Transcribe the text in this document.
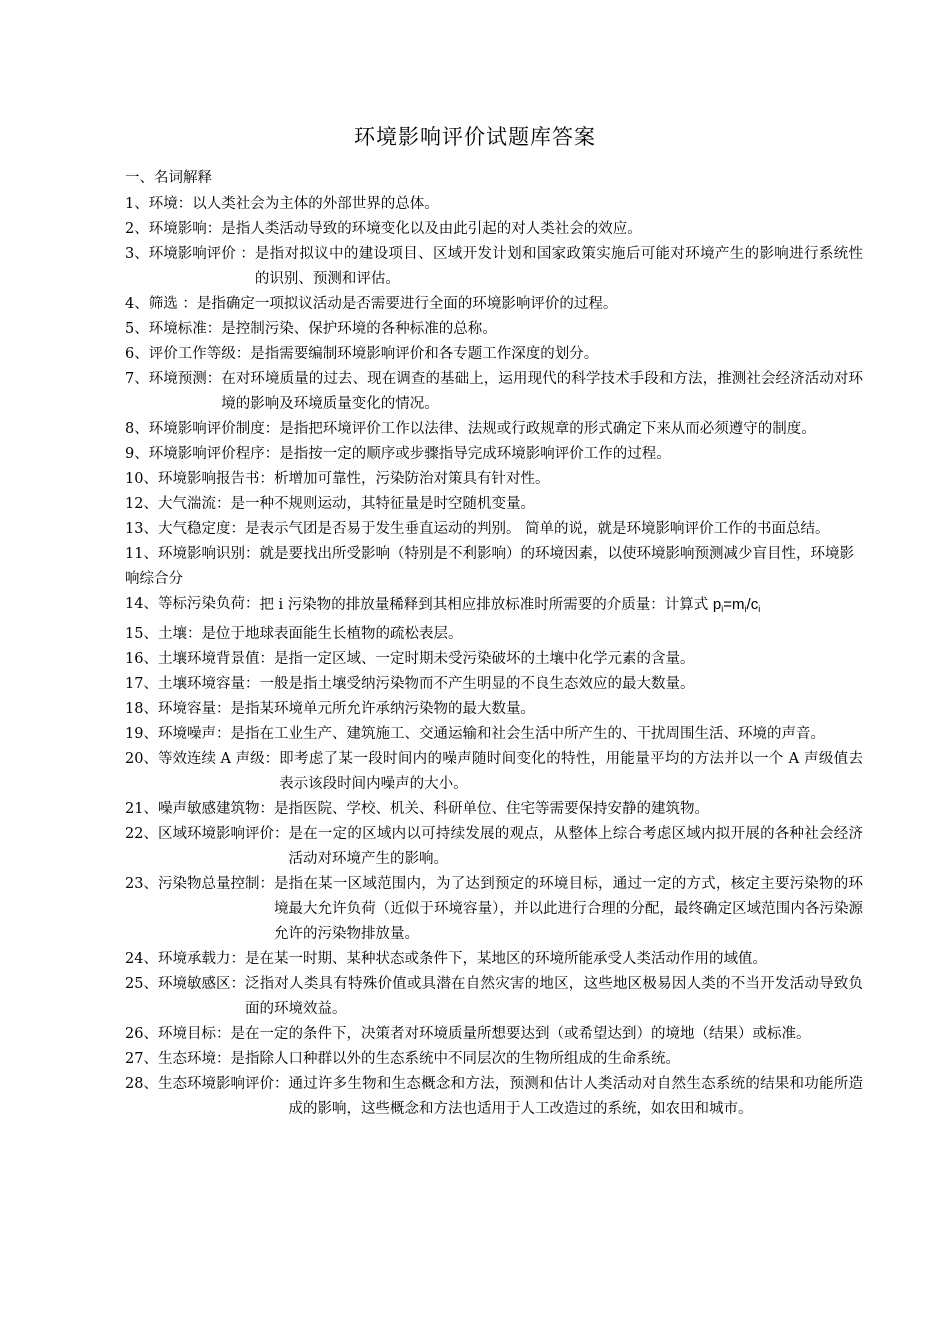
环境影响评价试题库答案
一、名词解释
1、环境： 以人类社会为主体的外部世界的总体。
2、环境影响： 是指人类活动导致的环境变化以及由此引起的对人类社会的效应。
3、环境影响评价 ： 是指对拟议中的建设项目、区域开发计划和国家政策实施后可能对环境产生的影响进行系统性的识别、预测和评估。
4、筛选 ： 是指确定一项拟议活动是否需要进行全面的环境影响评价的过程。
5、环境标准： 是控制污染、保护环境的各种标准的总称。
6、评价工作等级： 是指需要编制环境影响评价和各专题工作深度的划分。
7、环境预测： 在对环境质量的过去、现在调查的基础上，运用现代的科学技术手段和方法，推测社会经济活动对环境的影响及环境质量变化的情况。
8、环境影响评价制度： 是指把环境评价工作以法律、法规或行政规章的形式确定下来从而必须遵守的制度。
9、环境影响评价程序： 是指按一定的顺序或步骤指导完成环境影响评价工作的过程。
10、环境影响报告书： 析增加可靠性，污染防治对策具有针对性。
12、大气湍流： 是一种不规则运动，其特征量是时空随机变量。
13、大气稳定度：是表示气团是否易于发生垂直运动的判别。 简单的说，就是环境影响评价工作的书面总结。
11、环境影响识别：就是要找出所受影响（特别是不利影响）的环境因素，以使环境影响预测减少盲目性，环境影响综合分
14、等标污染负荷： 把 i 污染物的排放量稀释到其相应排放标准时所需要的介质量：计算式 $p_i=m_i/c_i$
15、土壤： 是位于地球表面能生长植物的疏松表层。
16、土壤环境背景值： 是指一定区域、一定时期未受污染破坏的土壤中化学元素的含量。
17、土壤环境容量： 一般是指土壤受纳污染物而不产生明显的不良生态效应的最大数量。
18、环境容量： 是指某环境单元所允许承纳污染物的最大数量。
19、环境噪声： 是指在工业生产、建筑施工、交通运输和社会生活中所产生的、干扰周围生活、环境的声音。
20、等效连续 A 声级： 即考虑了某一段时间内的噪声随时间变化的特性，用能量平均的方法并以一个 A 声级值去表示该段时间内噪声的大小。
21、噪声敏感建筑物： 是指医院、学校、机关、科研单位、住宅等需要保持安静的建筑物。
22、区域环境影响评价： 是在一定的区域内以可持续发展的观点，从整体上综合考虑区域内拟开展的各种社会经济活动对环境产生的影响。
23、污染物总量控制： 是指在某一区域范围内，为了达到预定的环境目标，通过一定的方式，核定主要污染物的环境最大允许负荷（近似于环境容量），并以此进行合理的分配，最终确定区域范围内各污染源允许的污染物排放量。
24、环境承载力： 是在某一时期、某种状态或条件下，某地区的环境所能承受人类活动作用的域值。
25、环境敏感区： 泛指对人类具有特殊价值或具潜在自然灾害的地区，这些地区极易因人类的不当开发活动导致负面的环境效益。
26、环境目标： 是在一定的条件下，决策者对环境质量所想要达到（或希望达到）的境地（结果）或标准。
27、生态环境： 是指除人口种群以外的生态系统中不同层次的生物所组成的生命系统。
28、生态环境影响评价： 通过许多生物和生态概念和方法，预测和估计人类活动对自然生态系统的结果和功能所造成的影响，这些概念和方法也适用于人工改造过的系统，如农田和城市。
